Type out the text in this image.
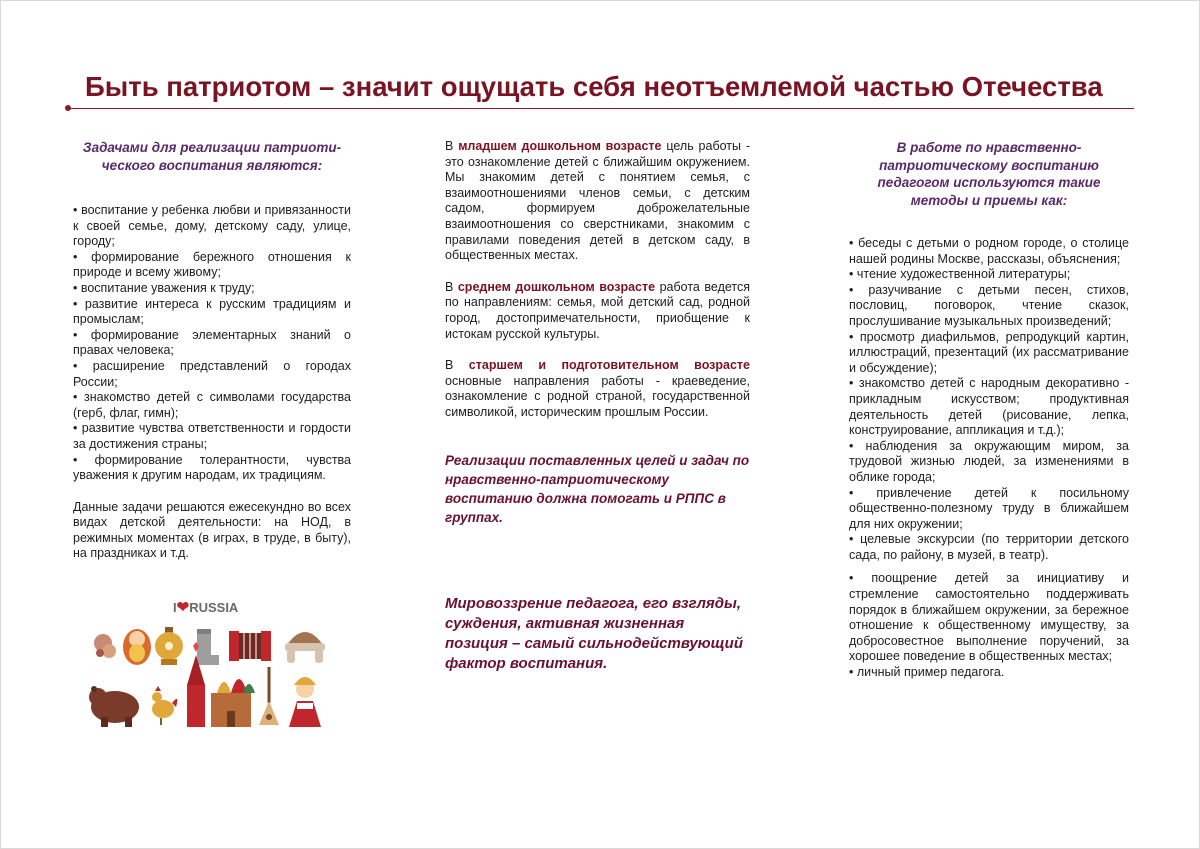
Быть патриотом – значит ощущать себя неотъемлемой частью Отечества
Задачами для реализации патриоти-ческого воспитания являются:
• воспитание у ребенка любви и привязанности к своей семье, дому, детскому саду, улице, городу;
• формирование бережного отношения к природе и всему живому;
• воспитание уважения к труду;
• развитие интереса к русским традициям и промыслам;
• формирование элементарных знаний о правах человека;
• расширение представлений о городах России;
• знакомство детей с символами государства (герб, флаг, гимн);
• развитие чувства ответственности и гордости за достижения страны;
• формирование толерантности, чувства уважения к другим народам, их традициям.

Данные задачи решаются ежесекундно во всех видах детской деятельности: на НОД, в режимных моментах (в играх, в труде, в быту), на праздниках и т.д.

В младшем дошкольном возрасте цель работы - это ознакомление детей с ближайшим окружением. Мы знакомим детей с понятием семья, с взаимоотношениями членов семьи, с детским садом, формируем доброжелательные взаимоотношения со сверстниками, знакомим с правилами поведения детей в детском саду, в общественных местах.

В среднем дошкольном возрасте работа ведется по направлениям: семья, мой детский сад, родной город, достопримечательности, приобщение к истокам русской культуры.

В старшем и подготовительном возрасте основные направления работы - краеведение, ознакомление с родной страной, государственной символикой, историческим прошлым России.

Реализации поставленных целей и задач по нравственно-патриотическому воспитанию должна помогать и РППС в группах.

Мировоззрение педагога, его взгляды, суждения, активная жизненная позиция – самый сильнодействующий фактор воспитания.

В работе по нравственно-патриотическому воспитанию педагогом используются такие методы и приемы как:
• беседы с детьми о родном городе, о столице нашей родины Москве, рассказы, объяснения;
• чтение художественной литературы;
• разучивание с детьми песен, стихов, пословиц, поговорок, чтение сказок, прослушивание музыкальных произведений;
• просмотр диафильмов, репродукций картин, иллюстраций, презентаций (их рассматривание и обсуждение);
• знакомство детей с народным декоративно - прикладным искусством; продуктивная деятельность детей (рисование, лепка, конструирование, аппликация и т.д.);
• наблюдения за окружающим миром, за трудовой жизнью людей, за изменениями в облике города;
• привлечение детей к посильному общественно-полезному труду в ближайшем для них окружении;
• целевые экскурсии (по территории детского сада, по району, в музей, в театр).
• поощрение детей за инициативу и стремление самостоятельно поддерживать порядок в ближайшем окружении, за бережное отношение к общественному имуществу, за добросовестное выполнение поручений, за хорошее поведение в общественных местах;
• личный пример педагога.
I❤RUSSIA
